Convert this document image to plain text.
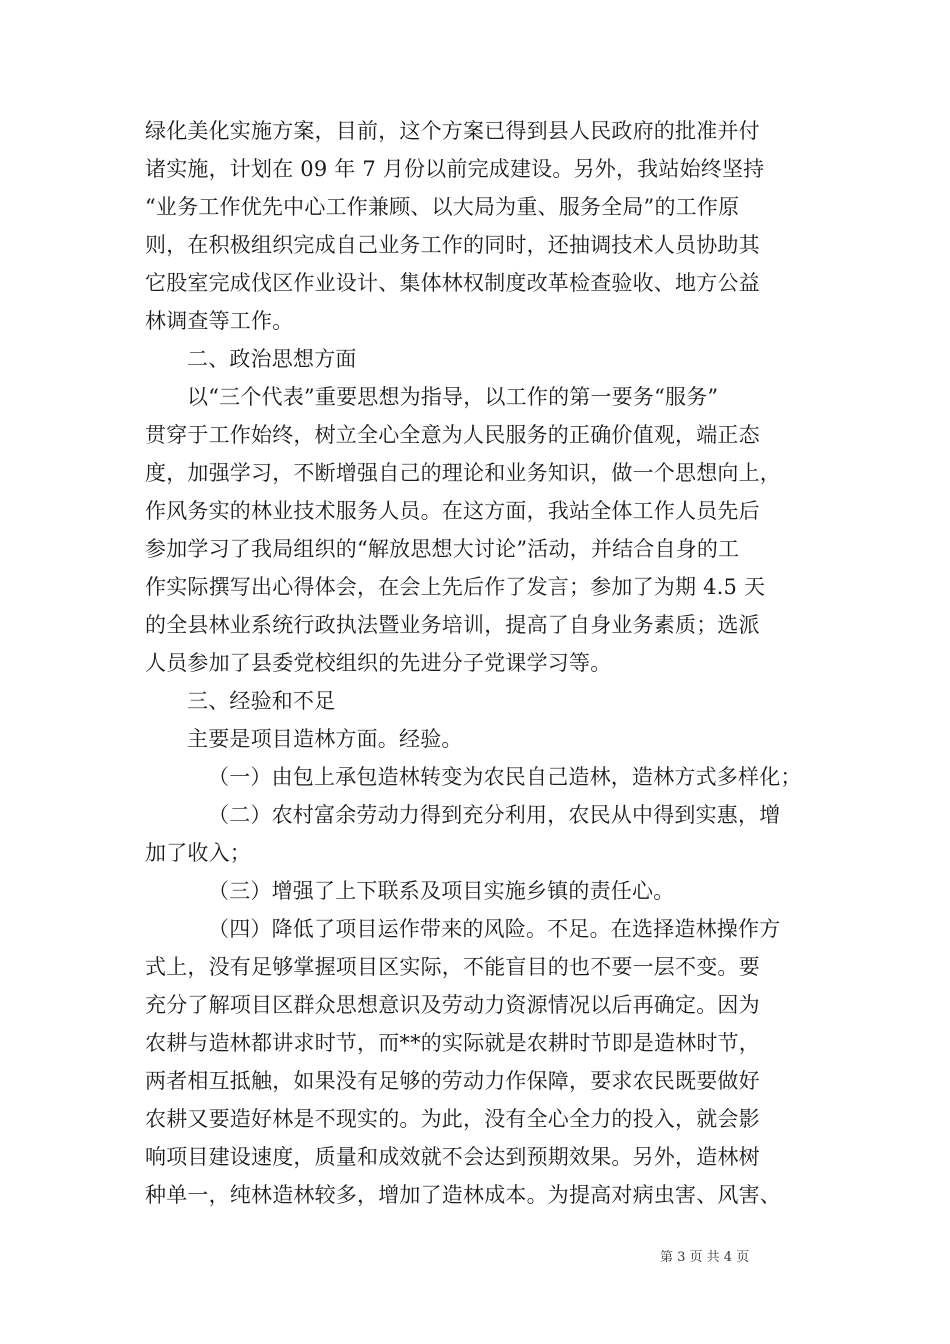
绿化美化实施方案，目前，这个方案已得到县人民政府的批准并付
诸实施，计划在 09 年 7 月份以前完成建设。另外，我站始终坚持
“业务工作优先中心工作兼顾、以大局为重、服务全局”的工作原
则，在积极组织完成自己业务工作的同时，还抽调技术人员协助其
它股室完成伐区作业设计、集体林权制度改革检查验收、地方公益
林调查等工作。
二、政治思想方面
以“三个代表”重要思想为指导，以工作的第一要务“服务”
贯穿于工作始终，树立全心全意为人民服务的正确价值观，端正态
度，加强学习，不断增强自己的理论和业务知识，做一个思想向上，
作风务实的林业技术服务人员。在这方面，我站全体工作人员先后
参加学习了我局组织的“解放思想大讨论”活动，并结合自身的工
作实际撰写出心得体会，在会上先后作了发言；参加了为期 4.5 天
的全县林业系统行政执法暨业务培训，提高了自身业务素质；选派
人员参加了县委党校组织的先进分子党课学习等。
三、经验和不足
主要是项目造林方面。经验。
（一）由包上承包造林转变为农民自己造林，造林方式多样化；
（二）农村富余劳动力得到充分利用，农民从中得到实惠，增
加了收入；
（三）增强了上下联系及项目实施乡镇的责任心。
（四）降低了项目运作带来的风险。不足。在选择造林操作方
式上，没有足够掌握项目区实际，不能盲目的也不要一层不变。要
充分了解项目区群众思想意识及劳动力资源情况以后再确定。因为
农耕与造林都讲求时节，而**的实际就是农耕时节即是造林时节，
两者相互抵触，如果没有足够的劳动力作保障，要求农民既要做好
农耕又要造好林是不现实的。为此，没有全心全力的投入，就会影
响项目建设速度，质量和成效就不会达到预期效果。另外，造林树
种单一，纯林造林较多，增加了造林成本。为提高对病虫害、风害、
第 3 页 共 4 页
